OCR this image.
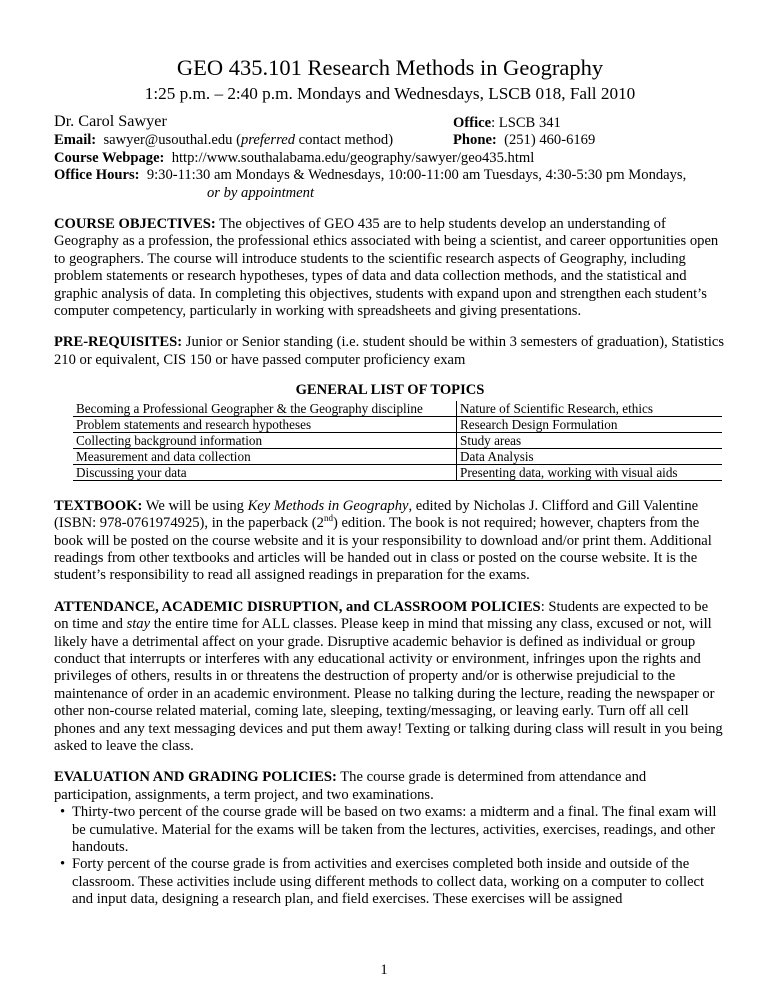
GEO 435.101 Research Methods in Geography
1:25 p.m. – 2:40 p.m. Mondays and Wednesdays, LSCB 018, Fall 2010
Dr. Carol Sawyer	Office: LSCB 341
Email: sawyer@usouthal.edu (preferred contact method)	Phone: (251) 460-6169
Course Webpage: http://www.southalabama.edu/geography/sawyer/geo435.html
Office Hours: 9:30-11:30 am Mondays & Wednesdays, 10:00-11:00 am Tuesdays, 4:30-5:30 pm Mondays,
or by appointment
COURSE OBJECTIVES: The objectives of GEO 435 are to help students develop an understanding of Geography as a profession, the professional ethics associated with being a scientist, and career opportunities open to geographers. The course will introduce students to the scientific research aspects of Geography, including problem statements or research hypotheses, types of data and data collection methods, and the statistical and graphic analysis of data. In completing this objectives, students with expand upon and strengthen each student’s computer competency, particularly in working with spreadsheets and giving presentations.
PRE-REQUISITES: Junior or Senior standing (i.e. student should be within 3 semesters of graduation), Statistics 210 or equivalent, CIS 150 or have passed computer proficiency exam
GENERAL LIST OF TOPICS
Becoming a Professional Geographer & the Geography discipline	Nature of Scientific Research, ethics
Problem statements and research hypotheses	Research Design Formulation
Collecting background information	Study areas
Measurement and data collection	Data Analysis
Discussing your data	Presenting data, working with visual aids
TEXTBOOK: We will be using Key Methods in Geography, edited by Nicholas J. Clifford and Gill Valentine (ISBN: 978-0761974925), in the paperback (2nd) edition. The book is not required; however, chapters from the book will be posted on the course website and it is your responsibility to download and/or print them. Additional readings from other textbooks and articles will be handed out in class or posted on the course website. It is the student’s responsibility to read all assigned readings in preparation for the exams.
ATTENDANCE, ACADEMIC DISRUPTION, and CLASSROOM POLICIES: Students are expected to be on time and stay the entire time for ALL classes. Please keep in mind that missing any class, excused or not, will likely have a detrimental affect on your grade. Disruptive academic behavior is defined as individual or group conduct that interrupts or interferes with any educational activity or environment, infringes upon the rights and privileges of others, results in or threatens the destruction of property and/or is otherwise prejudicial to the maintenance of order in an academic environment. Please no talking during the lecture, reading the newspaper or other non-course related material, coming late, sleeping, texting/messaging, or leaving early. Turn off all cell phones and any text messaging devices and put them away! Texting or talking during class will result in you being asked to leave the class.
EVALUATION AND GRADING POLICIES: The course grade is determined from attendance and participation, assignments, a term project, and two examinations.
• Thirty-two percent of the course grade will be based on two exams: a midterm and a final. The final exam will be cumulative. Material for the exams will be taken from the lectures, activities, exercises, readings, and other handouts.
• Forty percent of the course grade is from activities and exercises completed both inside and outside of the classroom. These activities include using different methods to collect data, working on a computer to collect and input data, designing a research plan, and field exercises. These exercises will be assigned
1
